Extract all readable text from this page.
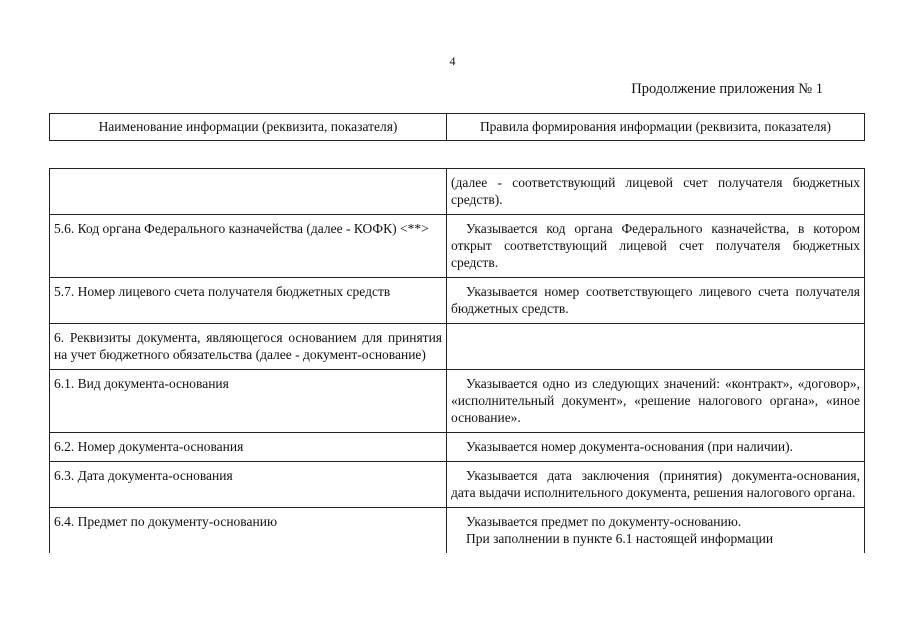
4
Продолжение приложения № 1
Наименование информации (реквизита, показателя)	Правила формирования информации (реквизита, показателя)

	(далее - соответствующий лицевой счет получателя бюджетных средств).

5.6. Код органа Федерального казначейства (далее - КОФК) <**>	Указывается код органа Федерального казначейства, в котором открыт соответствующий лицевой счет получателя бюджетных средств.

5.7. Номер лицевого счета получателя бюджетных средств	Указывается номер соответствующего лицевого счета получателя бюджетных средств.

6. Реквизиты документа, являющегося основанием для принятия на учет бюджетного обязательства (далее - документ-основание)	
6.1. Вид документа-основания	Указывается одно из следующих значений: «контракт», «договор», «исполнительный документ», «решение налогового органа», «иное основание».

6.2. Номер документа-основания	Указывается номер документа-основания (при наличии).

6.3. Дата документа-основания	Указывается дата заключения (принятия) документа-основания, дата выдачи исполнительного документа, решения налогового органа.

6.4. Предмет по документу-основанию	Указывается предмет по документу-основанию.

При заполнении в пункте 6.1 настоящей информации
